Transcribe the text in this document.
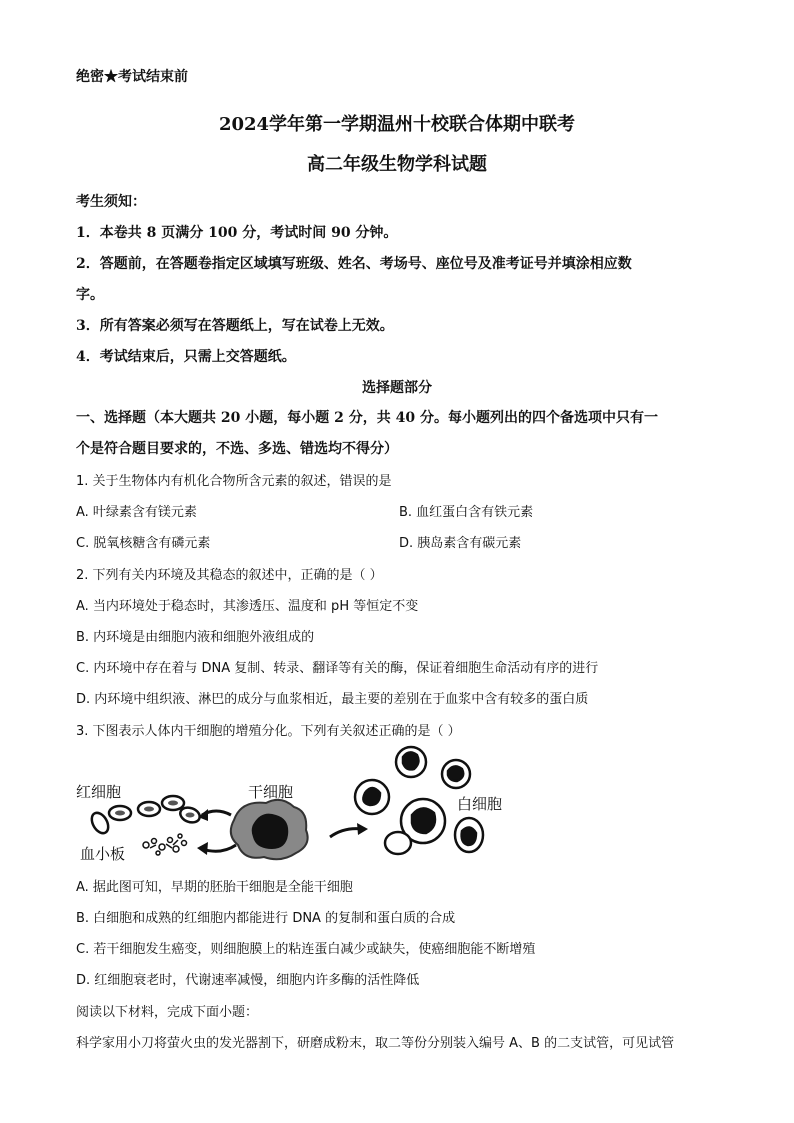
绝密★考试结束前
2024学年第一学期温州十校联合体期中联考
高二年级生物学科试题
考生须知：
1．本卷共 8 页满分 100 分，考试时间 90 分钟。
2．答题前，在答题卷指定区域填写班级、姓名、考场号、座位号及准考证号并填涂相应数
字。
3．所有答案必须写在答题纸上，写在试卷上无效。
4．考试结束后，只需上交答题纸。
选择题部分
一、选择题（本大题共 20 小题，每小题 2 分，共 40 分。每小题列出的四个备选项中只有一
个是符合题目要求的，不选、多选、错选均不得分）
1. 关于生物体内有机化合物所含元素的叙述，错误的是
A. 叶绿素含有镁元素	B. 血红蛋白含有铁元素
C. 脱氧核糖含有磷元素	D. 胰岛素含有碳元素
2. 下列有关内环境及其稳态的叙述中，正确的是（ ）
A. 当内环境处于稳态时，其渗透压、温度和 pH 等恒定不变
B. 内环境是由细胞内液和细胞外液组成的
C. 内环境中存在着与 DNA 复制、转录、翻译等有关的酶，保证着细胞生命活动有序的进行
D. 内环境中组织液、淋巴的成分与血浆相近，最主要的差别在于血浆中含有较多的蛋白质
3. 下图表示人体内干细胞的增殖分化。下列有关叙述正确的是（ ）
红细胞	干细胞
白细胞
血小板
A. 据此图可知，早期的胚胎干细胞是全能干细胞
B. 白细胞和成熟的红细胞内都能进行 DNA 的复制和蛋白质的合成
C. 若干细胞发生癌变，则细胞膜上的粘连蛋白减少或缺失，使癌细胞能不断增殖
D. 红细胞衰老时，代谢速率减慢，细胞内许多酶的活性降低
阅读以下材料，完成下面小题：
科学家用小刀将萤火虫的发光器割下，研磨成粉末，取二等份分别装入编号 A、B 的二支试管，可见试管
